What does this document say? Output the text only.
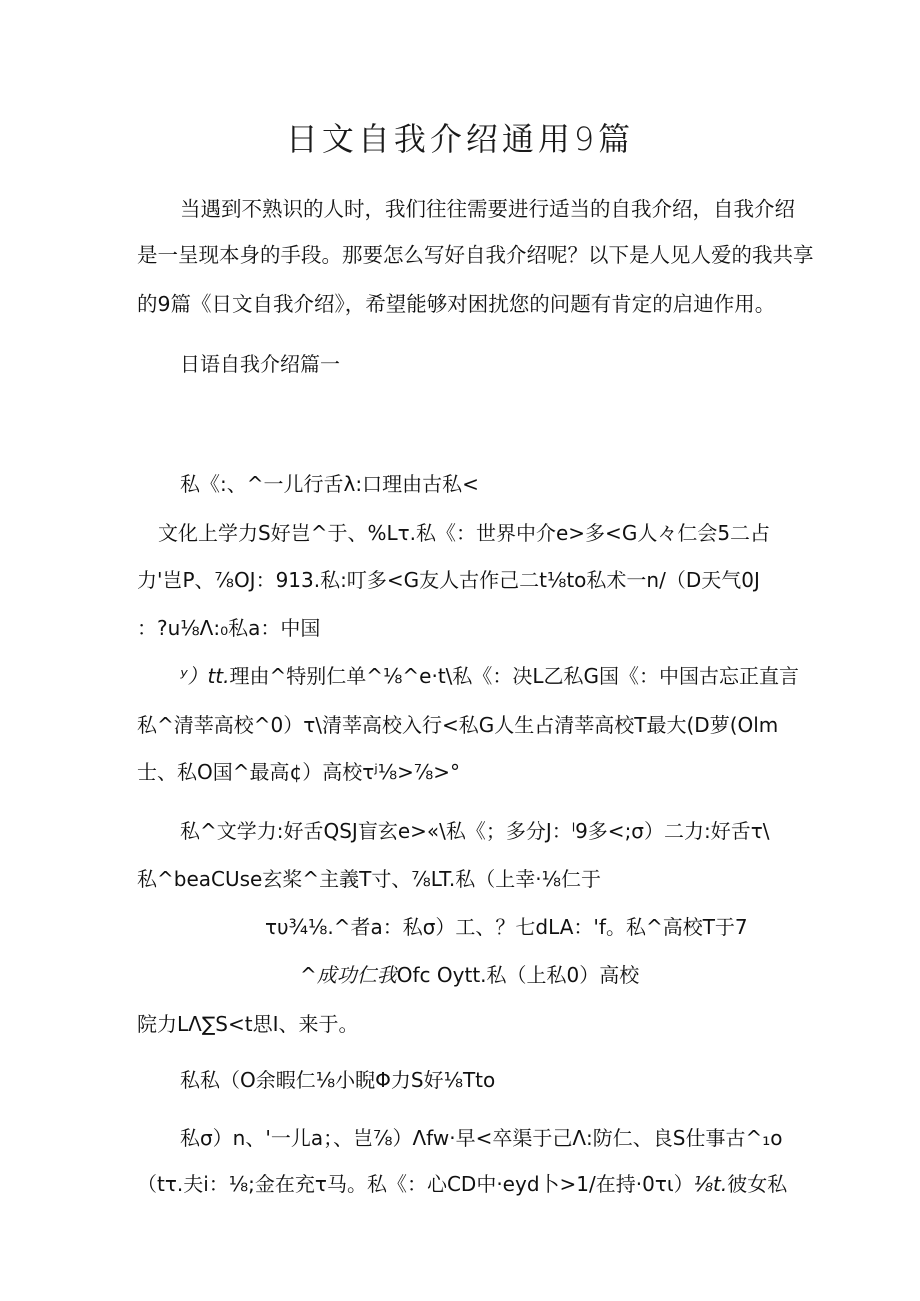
日文自我介绍通用9篇
当遇到不熟识的人时，我们往往需要进行适当的自我介绍，自我介绍
是一呈现本身的手段。那要怎么写好自我介绍呢？以下是人见人爱的我共享
的9篇《日文自我介绍》，希望能够对困扰您的问题有肯定的启迪作用。
日语自我介绍篇一
私《:、^一儿行舌λ:口理由古私<
文化上学力S好岂^于、%Lτ.私《：世界中介e>多<G人々仁会5二占
力'岂P、⅞OJ：913.私:叮多<G友人古作己二t⅛to私术一n/（D天气0J
：?u⅛Λ:₀私a：中国
ʸ）tt.理由^特别仁单^⅛^e·t\私《：决L乙私G国《：中国古忘正直言
私^清莘高校^0）τ\清莘高校入行<私G人生占清莘高校T最大(D萝(Olm
士、私O国^最高¢）高校τʲ⅛>⅞>°
私^文学力:好舌QSJ盲玄e>«\私《；多分J：ˡ9多<;σ）二力:好舌τ\
私^beaCUse玄桨^主義T寸、⅞LT.私（上幸·⅛仁于
τυ¾⅛.^者a：私σ）工、？七dLA：'f。私^高校T于7
^成功仁我Ofc Oytt.私（上私0）高校
院力LΛ∑S<t思I、来于。
私私（O余暇仁⅛小睨Φ力S好⅛Tto
私σ）n、'一儿a；、岂⅞）Λfw·早<卒渠于己Λ:防仁、良S仕事古^₁o
（tτ.夫i：⅛;金在充τ马。私《：心CD中·eyd卜>1/在持·0τι）⅛t.彼女私
